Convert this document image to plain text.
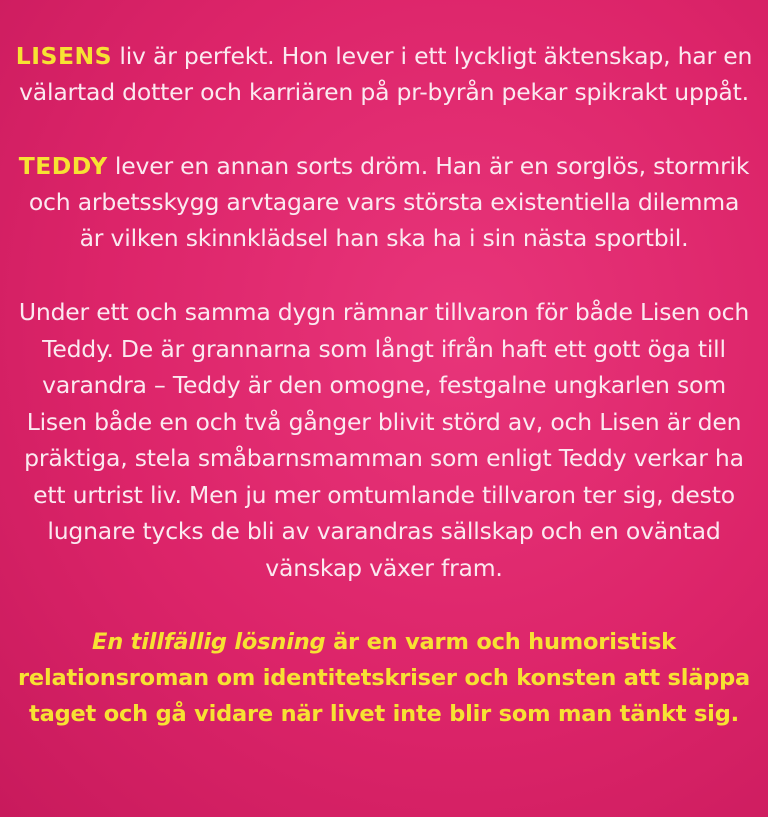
LISENS liv är perfekt. Hon lever i ett lyckligt äktenskap, har en välartad dotter och karriären på pr-byrån pekar spikrakt uppåt.

TEDDY lever en annan sorts dröm. Han är en sorglös, stormrik och arbetsskygg arvtagare vars största existentiella dilemma är vilken skinnklädsel han ska ha i sin nästa sportbil.

Under ett och samma dygn rämnar tillvaron för både Lisen och Teddy. De är grannarna som långt ifrån haft ett gott öga till varandra – Teddy är den omogne, festgalne ungkarlen som Lisen både en och två gånger blivit störd av, och Lisen är den präktiga, stela småbarnsmamman som enligt Teddy verkar ha ett urtrist liv. Men ju mer omtumlande tillvaron ter sig, desto lugnare tycks de bli av varandras sällskap och en oväntad vänskap växer fram.

En tillfällig lösning är en varm och humoristisk relationsroman om identitetskriser och konsten att släppa taget och gå vidare när livet inte blir som man tänkt sig.
